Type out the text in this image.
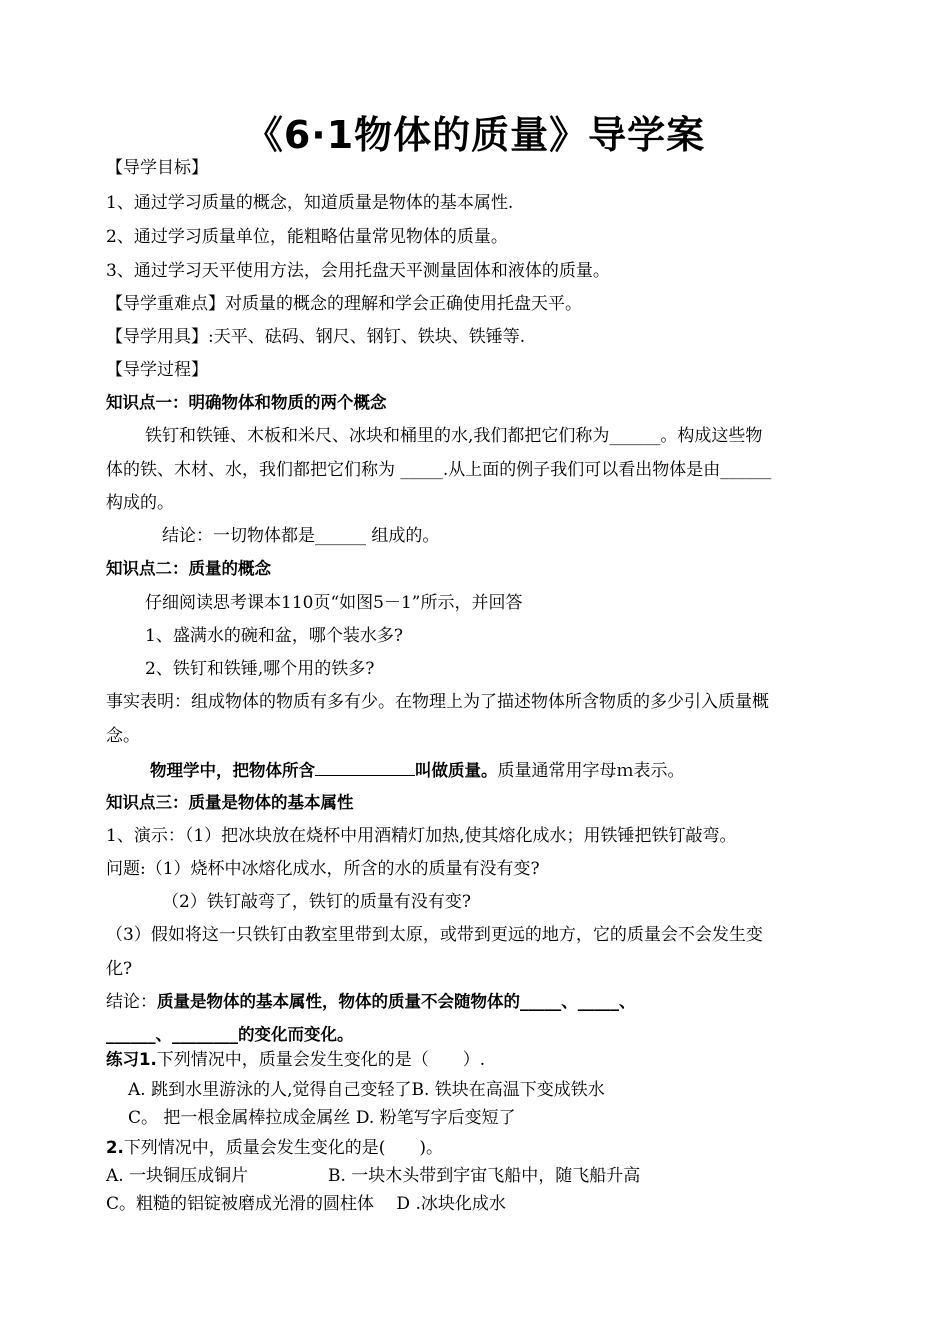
《6·1物体的质量》导学案
【导学目标】
1、通过学习质量的概念，知道质量是物体的基本属性.
2、通过学习质量单位，能粗略估量常见物体的质量。
3、通过学习天平使用方法，会用托盘天平测量固体和液体的质量。
【导学重难点】对质量的概念的理解和学会正确使用托盘天平。
【导学用具】:天平、砝码、钢尺、钢钉、铁块、铁锤等.
【导学过程】
知识点一：明确物体和物质的两个概念
铁钉和铁锤、木板和米尺、冰块和桶里的水,我们都把它们称为______。构成这些物
体的铁、木材、水，我们都把它们称为 _____.从上面的例子我们可以看出物体是由______
构成的。
结论：一切物体都是______ 组成的。
知识点二：质量的概念
仔细阅读思考课本110页“如图5－1”所示，并回答
1、盛满水的碗和盆，哪个装水多?
2、铁钉和铁锤,哪个用的铁多?
事实表明：组成物体的物质有多有少。在物理上为了描述物体所含物质的多少引入质量概
念。
物理学中，把物体所含	叫做质量。质量通常用字母ｍ表示。
知识点三：质量是物体的基本属性
1、演示：（1）把冰块放在烧杯中用酒精灯加热,使其熔化成水；用铁锤把铁钉敲弯。
问题:（1）烧杯中冰熔化成水，所含的水的质量有没有变?
（2）铁钉敲弯了，铁钉的质量有没有变?
（3）假如将这一只铁钉由教室里带到太原，或带到更远的地方，它的质量会不会发生变
化?
结论：质量是物体的基本属性，物体的质量不会随物体的_____、_____、
______、________的变化而变化。
练习1.下列情况中，质量会发生变化的是（　　）.
A. 跳到水里游泳的人,觉得自己变轻了B. 铁块在高温下变成铁水
C。 把一根金属棒拉成金属丝 D. 粉笔写字后变短了
2.下列情况中，质量会发生变化的是(　　)。
A. 一块铜压成铜片	B. 一块木头带到宇宙飞船中，随飞船升高
C。粗糙的铝锭被磨成光滑的圆柱体　 D .冰块化成水
